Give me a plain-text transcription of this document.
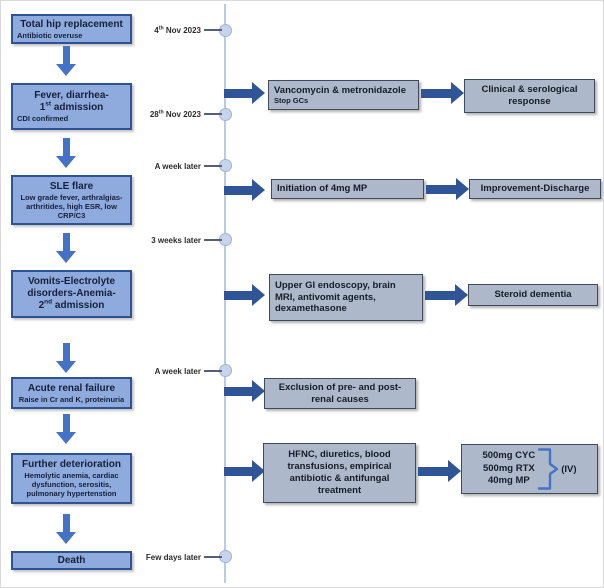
4th Nov 2023
28th Nov 2023
A week later
3 weeks later
A week later
Few days later
Total hip replacement
Antibiotic overuse
Fever, diarrhea-
1st admission
CDI confirmed
SLE flare
Low grade fever, arthralgias-arthritides, high ESR, low CRP/C3
Vomits-Electrolyte
disorders-Anemia-
2nd admission
Acute renal failure
Raise in Cr and K, proteinuria
Further deterioration
Hemolytic anemia, cardiac dysfunction, serositis, pulmonary hypertenstion
Death
Vancomycin & metronidazole
Stop GCs
Initiation of 4mg MP
Upper GI endoscopy, brain MRI, antivomit agents, dexamethasone
Exclusion of pre- and post-renal causes
HFNC, diuretics, blood transfusions, empirical antibiotic & antifungal treatment
Clinical & serological response
Improvement-Discharge
Steroid dementia
500mg CYC
500mg RTX
40mg MP
(IV)
